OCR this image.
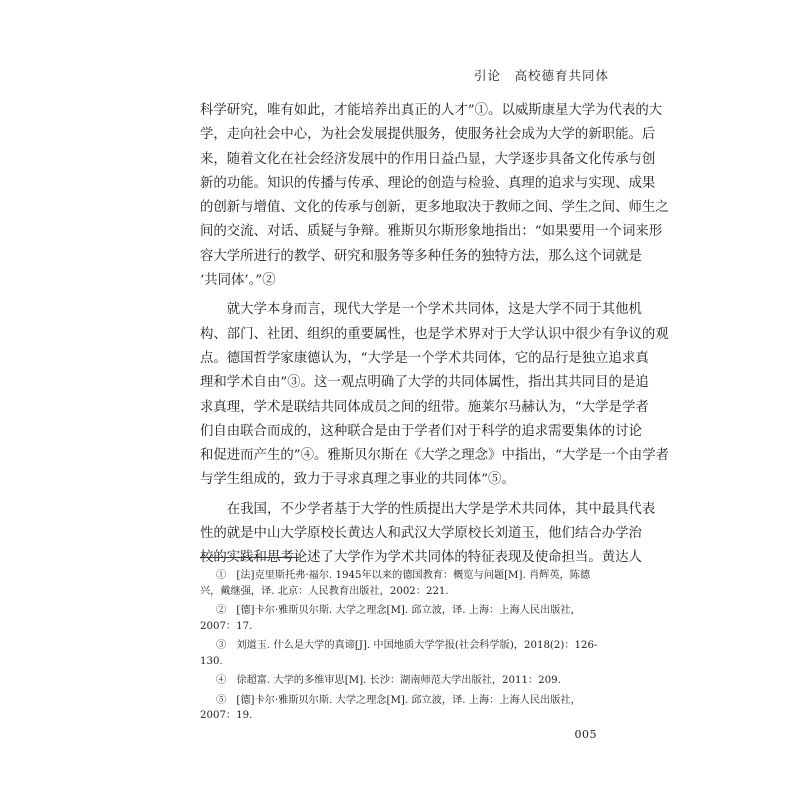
引论　高校德育共同体
科学研究，唯有如此，才能培养出真正的人才”①。以威斯康星大学为代表的大
学，走向社会中心，为社会发展提供服务，使服务社会成为大学的新职能。后
来，随着文化在社会经济发展中的作用日益凸显，大学逐步具备文化传承与创
新的功能。知识的传播与传承、理论的创造与检验、真理的追求与实现、成果
的创新与增值、文化的传承与创新，更多地取决于教师之间、学生之间、师生之
间的交流、对话、质疑与争辩。雅斯贝尔斯形象地指出：“如果要用一个词来形
容大学所进行的教学、研究和服务等多种任务的独特方法，那么这个词就是
‘共同体’。”②
　　就大学本身而言，现代大学是一个学术共同体，这是大学不同于其他机
构、部门、社团、组织的重要属性，也是学术界对于大学认识中很少有争议的观
点。德国哲学家康德认为，“大学是一个学术共同体，它的品行是独立追求真
理和学术自由”③。这一观点明确了大学的共同体属性，指出其共同目的是追
求真理，学术是联结共同体成员之间的纽带。施莱尔马赫认为，“大学是学者
们自由联合而成的，这种联合是由于学者们对于科学的追求需要集体的讨论
和促进而产生的”④。雅斯贝尔斯在《大学之理念》中指出，“大学是一个由学者
与学生组成的，致力于寻求真理之事业的共同体”⑤。
　　在我国，不少学者基于大学的性质提出大学是学术共同体，其中最具代表
性的就是中山大学原校长黄达人和武汉大学原校长刘道玉，他们结合办学治
校的实践和思考论述了大学作为学术共同体的特征表现及使命担当。黄达人
①　[法]克里斯托弗·福尔. 1945年以来的德国教育：概览与问题[M]. 肖辉英，陈德
兴，戴继强，译. 北京：人民教育出版社，2002：221.
②　[德]卡尔·雅斯贝尔斯. 大学之理念[M]. 邱立波，译. 上海：上海人民出版社，
2007：17.
③　刘道玉. 什么是大学的真谛[J]. 中国地质大学学报(社会科学版)，2018(2)：126-
130.
④　徐超富. 大学的多维审思[M]. 长沙：湖南师范大学出版社，2011：209.
⑤　[德]卡尔·雅斯贝尔斯. 大学之理念[M]. 邱立波，译. 上海：上海人民出版社，
2007：19.
005
